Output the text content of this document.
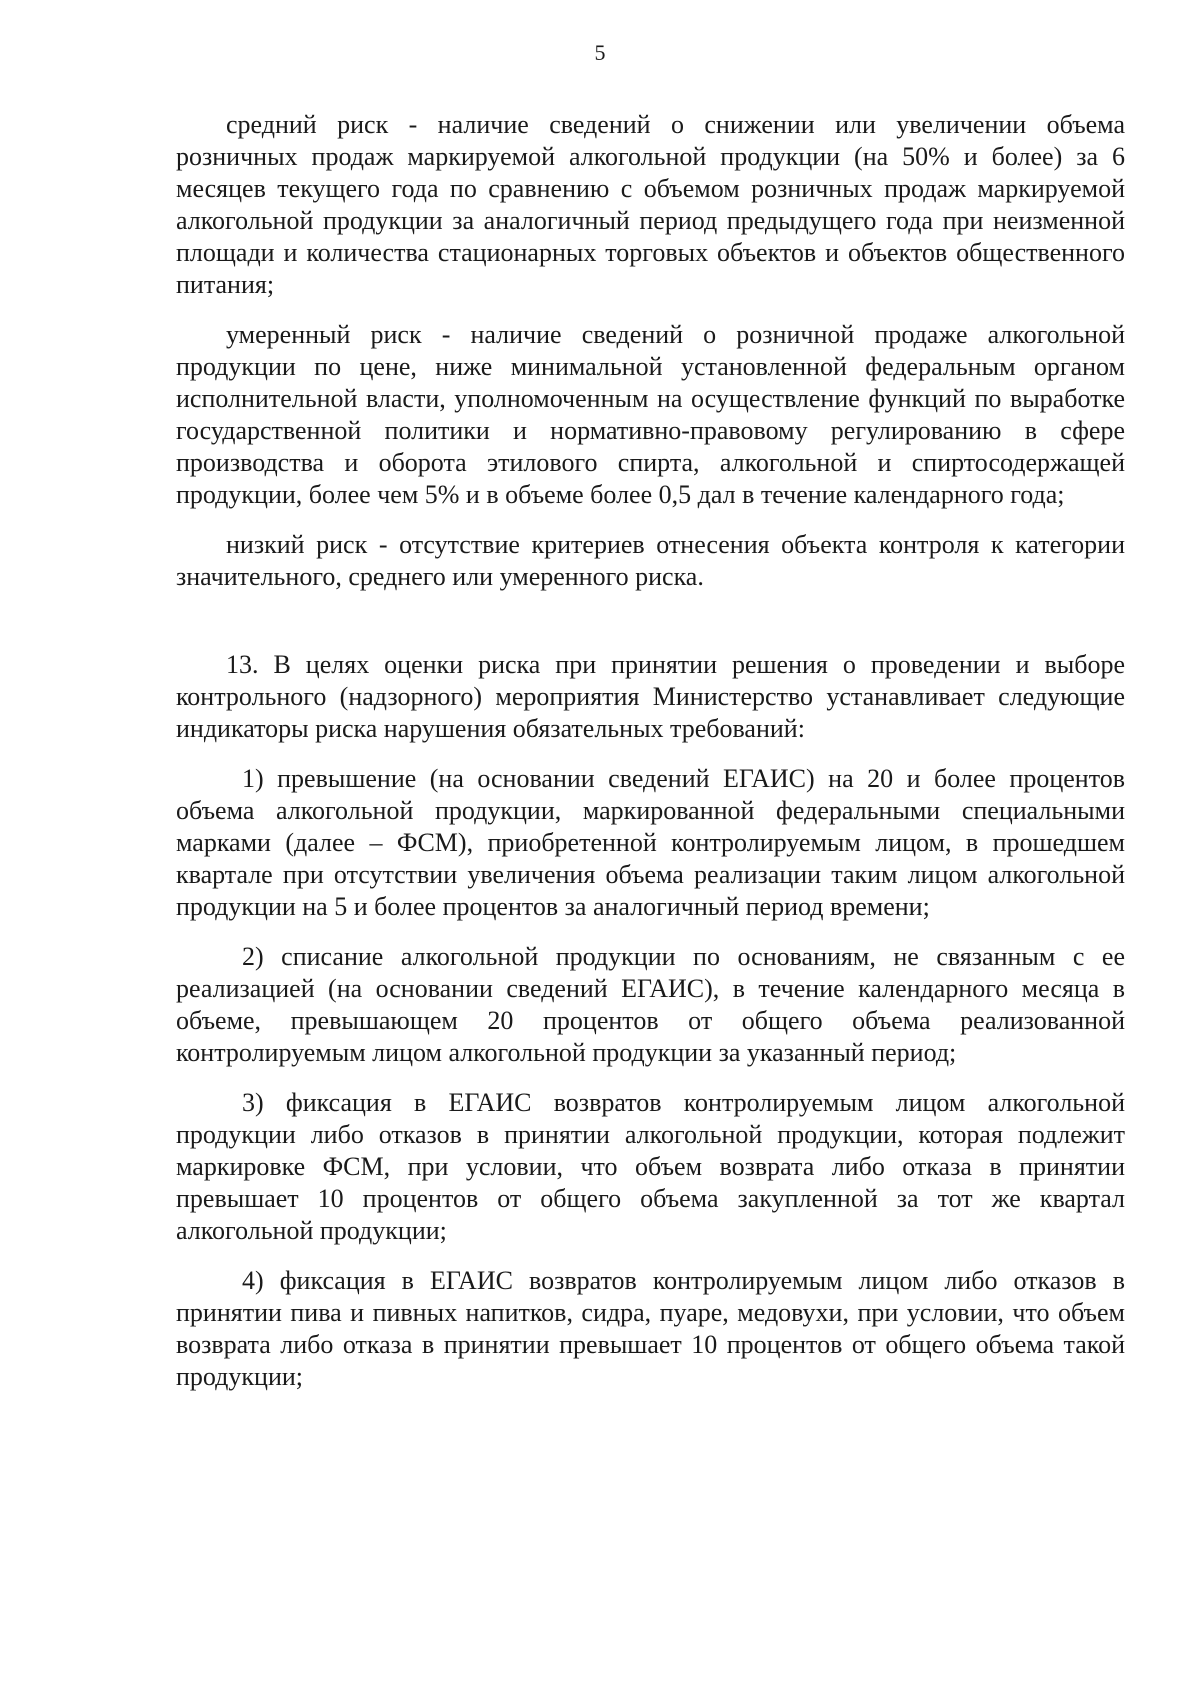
5

средний риск - наличие сведений о снижении или увеличении объема розничных продаж маркируемой алкогольной продукции (на 50% и более) за 6 месяцев текущего года по сравнению с объемом розничных продаж маркируемой алкогольной продукции за аналогичный период предыдущего года при неизменной площади и количества стационарных торговых объектов и объектов общественного питания;

умеренный риск - наличие сведений о розничной продаже алкогольной продукции по цене, ниже минимальной установленной федеральным органом исполнительной власти, уполномоченным на осуществление функций по выработке государственной политики и нормативно-правовому регулированию в сфере производства и оборота этилового спирта, алкогольной и спиртосодержащей продукции, более чем 5% и в объеме более 0,5 дал в течение календарного года;

низкий риск - отсутствие критериев отнесения объекта контроля к категории значительного, среднего или умеренного риска.

13. В целях оценки риска при принятии решения о проведении и выборе контрольного (надзорного) мероприятия Министерство устанавливает следующие индикаторы риска нарушения обязательных требований:

1) превышение (на основании сведений ЕГАИС) на 20 и более процентов объема алкогольной продукции, маркированной федеральными специальными марками (далее – ФСМ), приобретенной контролируемым лицом, в прошедшем квартале при отсутствии увеличения объема реализации таким лицом алкогольной продукции на 5 и более процентов за аналогичный период времени;

2) списание алкогольной продукции по основаниям, не связанным с ее реализацией (на основании сведений ЕГАИС), в течение календарного месяца в объеме, превышающем 20 процентов от общего объема реализованной контролируемым лицом алкогольной продукции за указанный период;

3) фиксация в ЕГАИС возвратов контролируемым лицом алкогольной продукции либо отказов в принятии алкогольной продукции, которая подлежит маркировке ФСМ, при условии, что объем возврата либо отказа в принятии превышает 10 процентов от общего объема закупленной за тот же квартал алкогольной продукции;

4) фиксация в ЕГАИС возвратов контролируемым лицом либо отказов в принятии пива и пивных напитков, сидра, пуаре, медовухи, при условии, что объем возврата либо отказа в принятии превышает 10 процентов от общего объема такой продукции;
